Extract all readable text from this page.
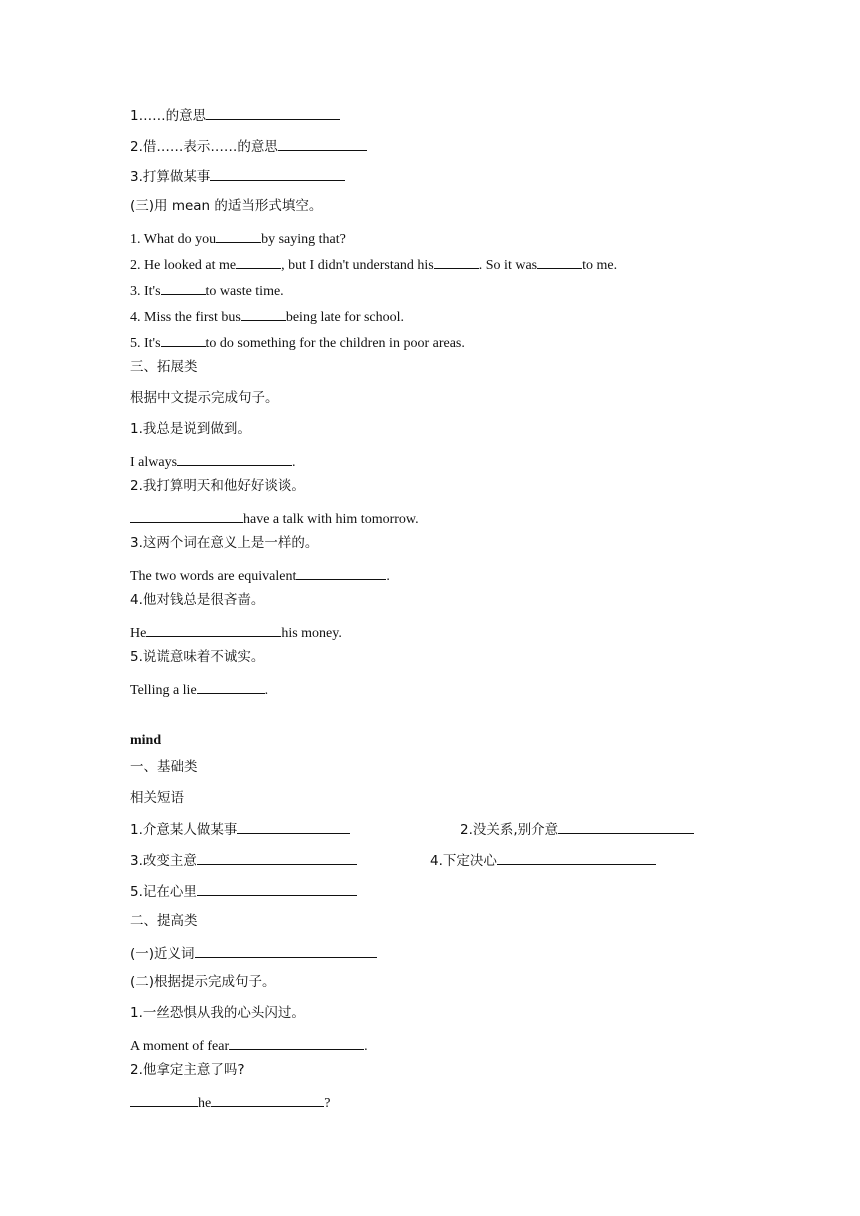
1……的意思
2.借……表示……的意思
3.打算做某事
(三)用 mean 的适当形式填空。
1. What do you	by saying that?
2. He looked at me	, but I didn't understand his	. So it was	to me.
3. It's	to waste time.
4. Miss the first bus	being late for school.
5. It's	to do something for the children in poor areas.
三、拓展类
根据中文提示完成句子。
1.我总是说到做到。
I always	.
2.我打算明天和他好好谈谈。
have a talk with him tomorrow.
3.这两个词在意义上是一样的。
The two words are equivalent	.
4.他对钱总是很吝啬。
He	his money.
5.说谎意味着不诚实。
Telling a lie	.
mind
一、基础类
相关短语
1.介意某人做某事	2.没关系,别介意
3.改变主意	4.下定决心
5.记在心里
二、提高类
(一)近义词
(二)根据提示完成句子。
1.一丝恐惧从我的心头闪过。
A moment of fear	.
2.他拿定主意了吗?
he	?
